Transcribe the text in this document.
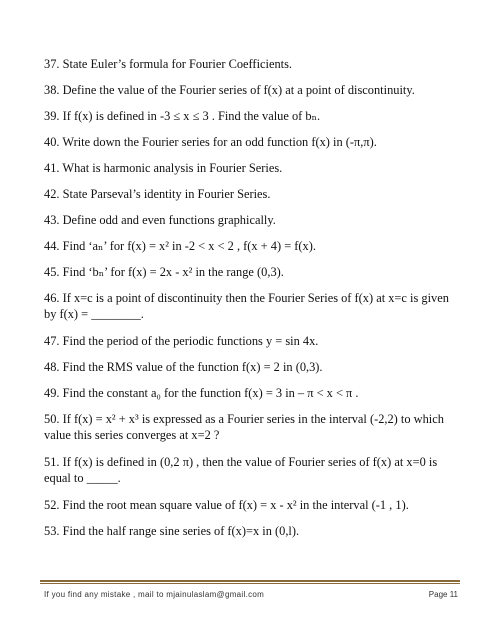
37. State Euler’s formula for Fourier Coefficients.
38. Define the value of the Fourier series of f(x) at a point of discontinuity.
39. If f(x) is defined in -3 ≤ x ≤ 3 . Find the value of bₙ.
40. Write down the Fourier series for an odd function f(x) in (-π,π).
41. What is harmonic analysis in Fourier Series.
42. State Parseval’s identity in Fourier Series.
43. Define odd and even functions graphically.
44. Find ‘aₙ’ for f(x) = x² in -2 < x < 2 , f(x + 4) = f(x).
45. Find ‘bₙ’ for f(x) = 2x - x² in the range (0,3).
46. If x=c is a point of discontinuity then the Fourier Series of f(x) at x=c is given by f(x) = ________.
47. Find the period of the periodic functions y = sin 4x.
48. Find the RMS value of the function f(x) = 2 in (0,3).
49. Find the constant a₀ for the function f(x) = 3 in – π < x < π .
50. If f(x) = x² + x³ is expressed as a Fourier series in the interval (-2,2) to which value this series converges at x=2 ?
51. If f(x) is defined in (0,2 π) , then the value of Fourier series of f(x) at x=0 is equal to _____.
52. Find the root mean square value of f(x) = x - x² in the interval (-1 , 1).
53. Find the half range sine series of f(x)=x in (0,l).
If you find any mistake , mail to mjainulaslam@gmail.com	Page 11
